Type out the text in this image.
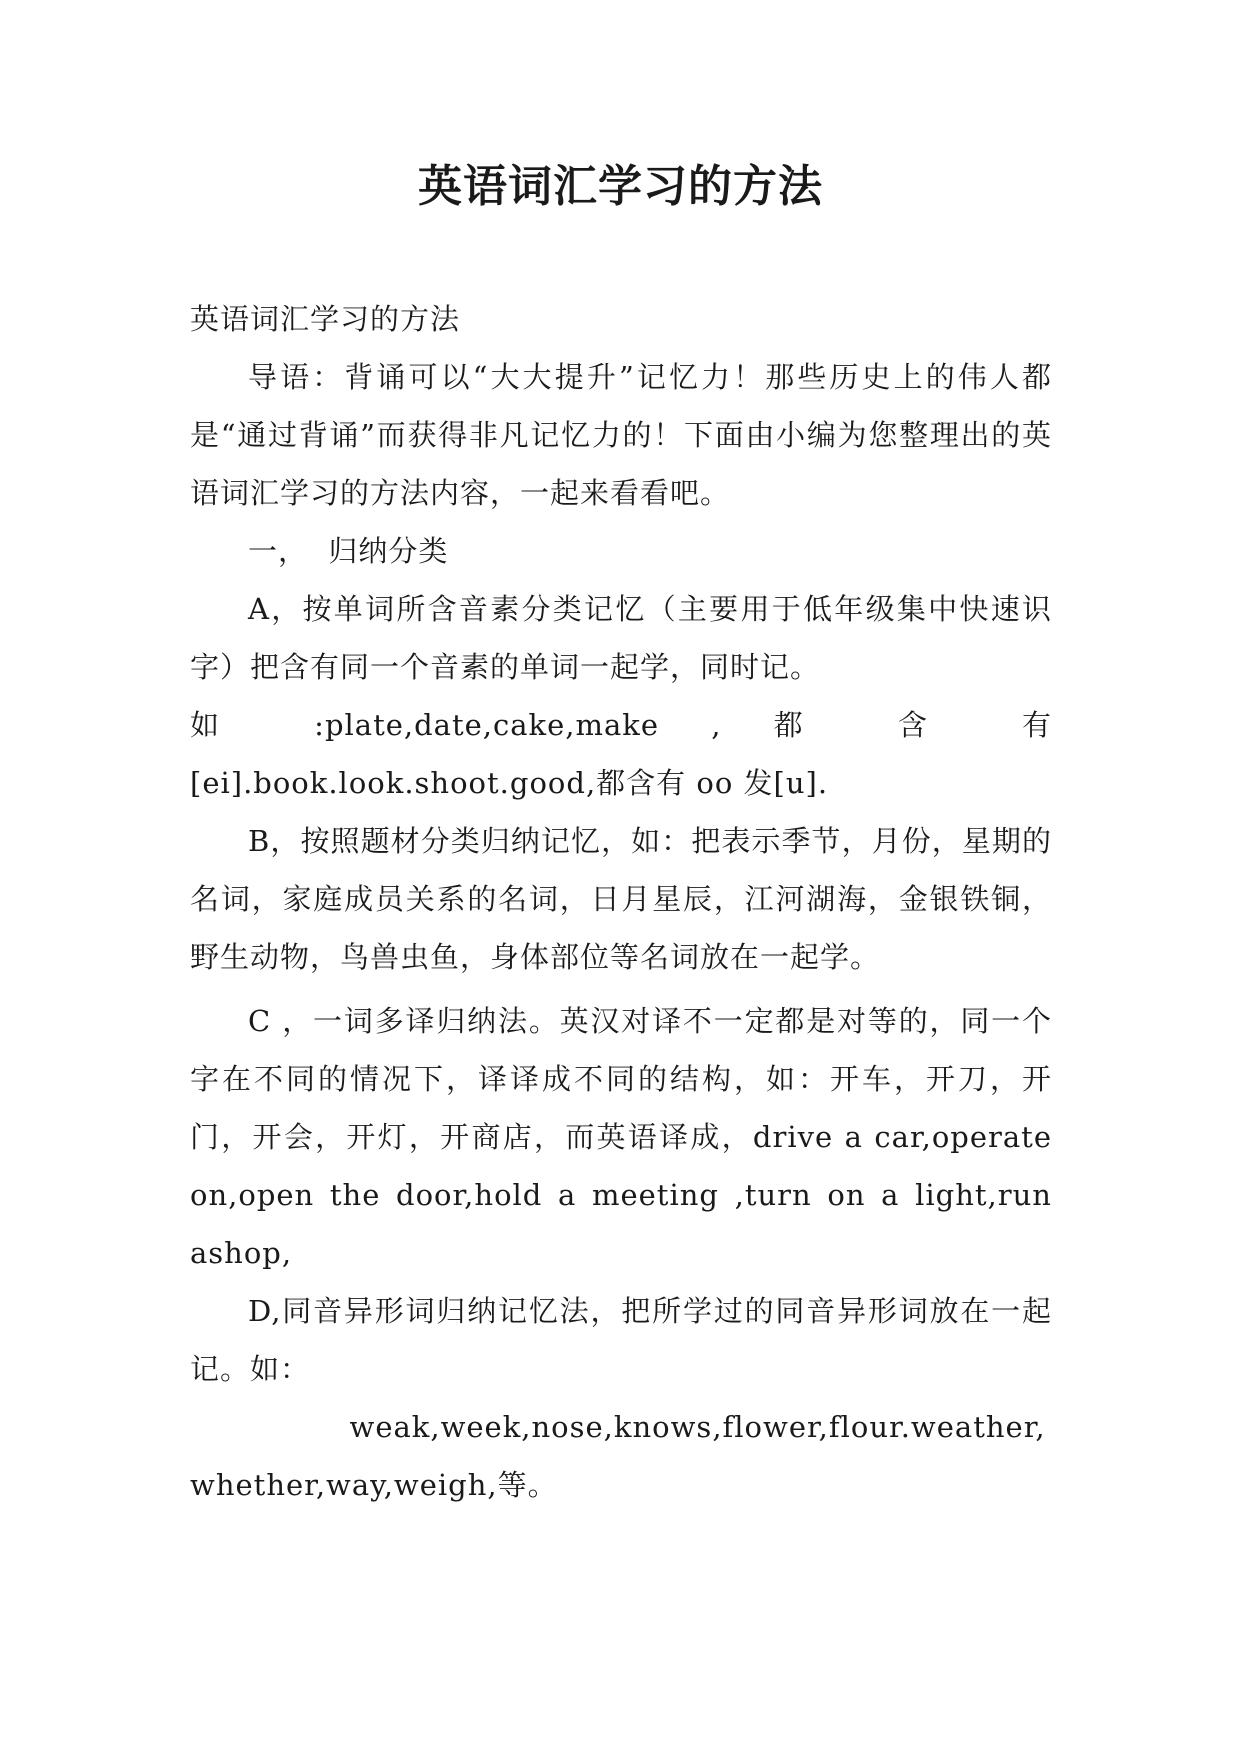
英语词汇学习的方法

英语词汇学习的方法

导语：背诵可以“大大提升”记忆力！那些历史上的伟人都是“通过背诵”而获得非凡记忆力的！下面由小编为您整理出的英语词汇学习的方法内容，一起来看看吧。

一，  归纳分类

A，按单词所含音素分类记忆（主要用于低年级集中快速识字）把含有同一个音素的单词一起学，同时记。

如 :plate,date,cake,make , 都 含 有

[ei].book.look.shoot.good,都含有 oo 发[u].

B，按照题材分类归纳记忆，如：把表示季节，月份，星期的名词，家庭成员关系的名词，日月星辰，江河湖海，金银铁铜，野生动物，鸟兽虫鱼，身体部位等名词放在一起学。

C ，一词多译归纳法。英汉对译不一定都是对等的，同一个字在不同的情况下，译译成不同的结构，如：开车，开刀，开门，开会，开灯，开商店，而英语译成，drive a car,operate on,open the door,hold a meeting ,turn on a light,run ashop,

D,同音异形词归纳记忆法，把所学过的同音异形词放在一起记。如：

weak,week,nose,knows,flower,flour.weather,

whether,way,weigh,等。
